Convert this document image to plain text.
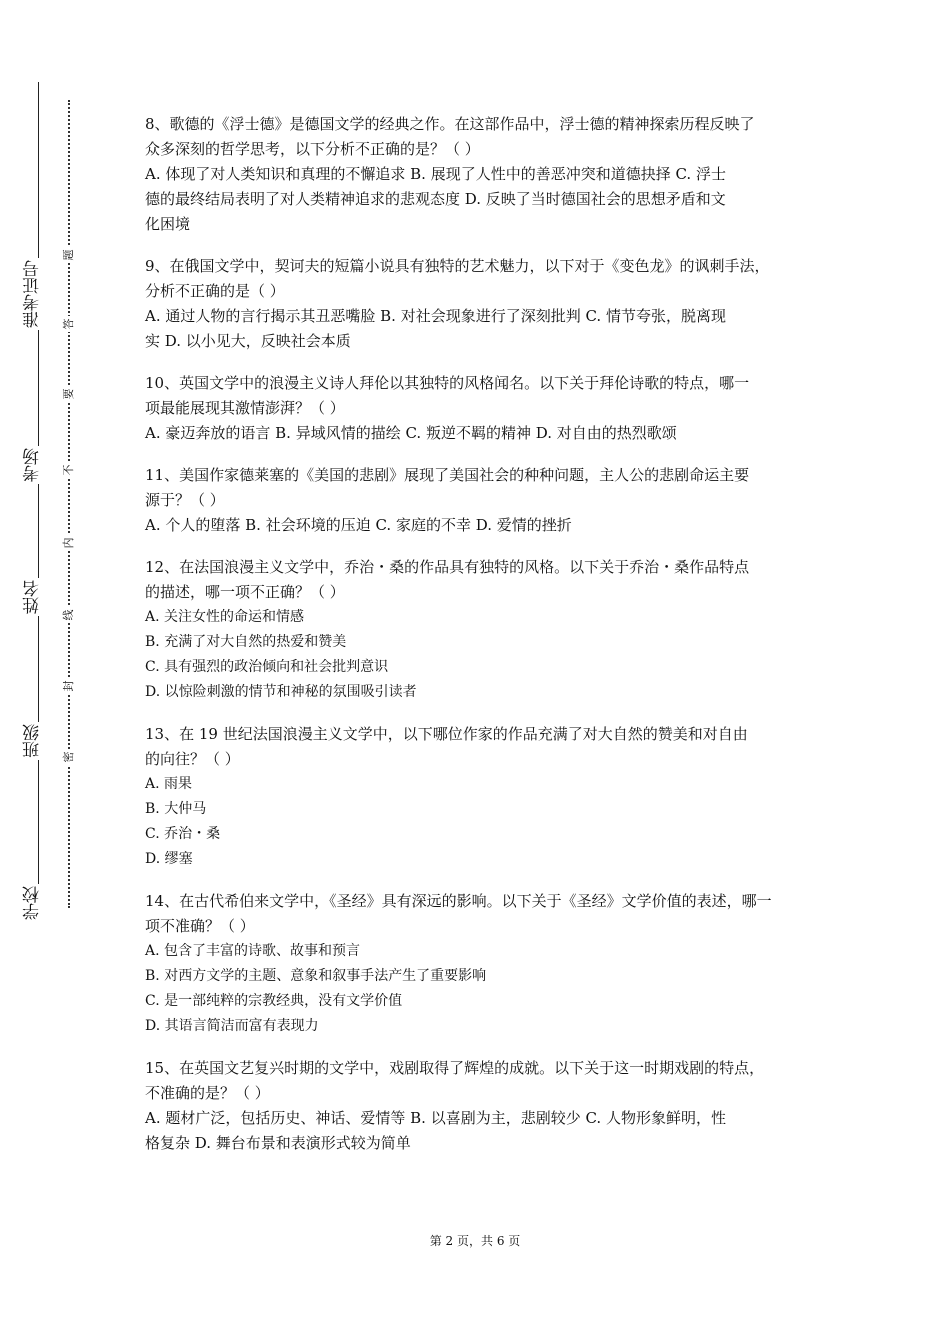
准考证号
考场
姓名
班级
学校
题
答
要
不
内
线
封
密

8、歌德的《浮士德》是德国文学的经典之作。在这部作品中，浮士德的精神探索历程反映了

众多深刻的哲学思考，以下分析不正确的是？（ ）

A. 体现了对人类知识和真理的不懈追求 B. 展现了人性中的善恶冲突和道德抉择 C. 浮士

德的最终结局表明了对人类精神追求的悲观态度 D. 反映了当时德国社会的思想矛盾和文

化困境

9、在俄国文学中，契诃夫的短篇小说具有独特的艺术魅力，以下对于《变色龙》的讽刺手法，

分析不正确的是（ ）

A. 通过人物的言行揭示其丑恶嘴脸 B. 对社会现象进行了深刻批判 C. 情节夸张，脱离现

实 D. 以小见大，反映社会本质

10、英国文学中的浪漫主义诗人拜伦以其独特的风格闻名。以下关于拜伦诗歌的特点，哪一

项最能展现其激情澎湃？（ ）

A. 豪迈奔放的语言 B. 异域风情的描绘 C. 叛逆不羁的精神 D. 对自由的热烈歌颂

11、美国作家德莱塞的《美国的悲剧》展现了美国社会的种种问题，主人公的悲剧命运主要

源于？（ ）

A. 个人的堕落 B. 社会环境的压迫 C. 家庭的不幸 D. 爱情的挫折

12、在法国浪漫主义文学中，乔治・桑的作品具有独特的风格。以下关于乔治・桑作品特点

的描述，哪一项不正确？（ ）

A. 关注女性的命运和情感

B. 充满了对大自然的热爱和赞美

C. 具有强烈的政治倾向和社会批判意识

D. 以惊险刺激的情节和神秘的氛围吸引读者

13、在 19 世纪法国浪漫主义文学中，以下哪位作家的作品充满了对大自然的赞美和对自由

的向往？（ ）

A. 雨果

B. 大仲马

C. 乔治・桑

D. 缪塞

14、在古代希伯来文学中，《圣经》具有深远的影响。以下关于《圣经》文学价值的表述，哪一

项不准确？（ ）

A. 包含了丰富的诗歌、故事和预言

B. 对西方文学的主题、意象和叙事手法产生了重要影响

C. 是一部纯粹的宗教经典，没有文学价值

D. 其语言简洁而富有表现力

15、在英国文艺复兴时期的文学中，戏剧取得了辉煌的成就。以下关于这一时期戏剧的特点，

不准确的是？（ ）

A. 题材广泛，包括历史、神话、爱情等 B. 以喜剧为主，悲剧较少 C. 人物形象鲜明，性

格复杂 D. 舞台布景和表演形式较为简单

第 2 页，共 6 页
